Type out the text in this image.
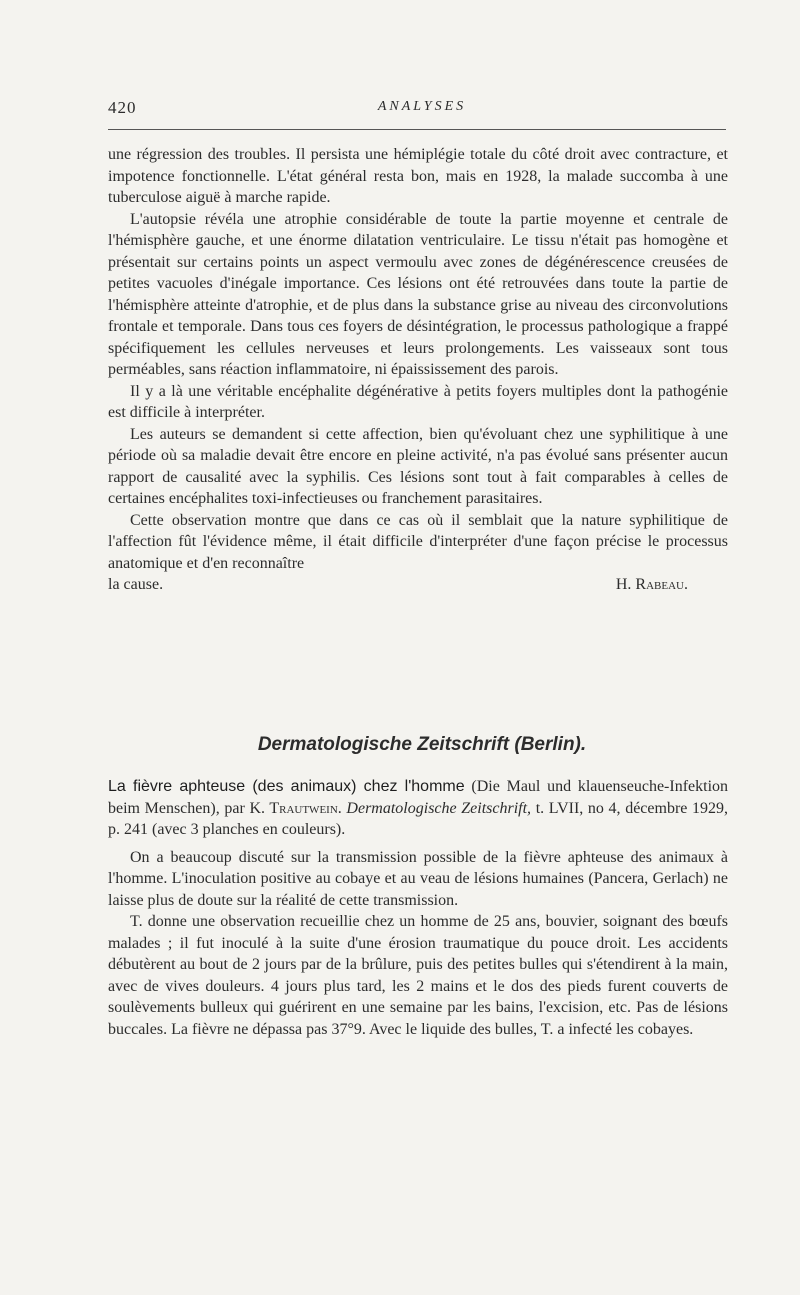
420	ANALYSES

une régression des troubles. Il persista une hémiplégie totale du côté droit avec contracture, et impotence fonctionnelle. L'état général resta bon, mais en 1928, la malade succomba à une tuberculose aiguë à marche rapide.

L'autopsie révéla une atrophie considérable de toute la partie moyenne et centrale de l'hémisphère gauche, et une énorme dilatation ventriculaire. Le tissu n'était pas homogène et présentait sur certains points un aspect vermoulu avec zones de dégénérescence creusées de petites vacuoles d'inégale importance. Ces lésions ont été retrouvées dans toute la partie de l'hémisphère atteinte d'atrophie, et de plus dans la substance grise au niveau des circonvolutions frontale et temporale. Dans tous ces foyers de désintégration, le processus pathologique a frappé spécifiquement les cellules nerveuses et leurs prolongements. Les vaisseaux sont tous perméables, sans réaction inflammatoire, ni épaississement des parois.

Il y a là une véritable encéphalite dégénérative à petits foyers multiples dont la pathogénie est difficile à interpréter.

Les auteurs se demandent si cette affection, bien qu'évoluant chez une syphilitique à une période où sa maladie devait être encore en pleine activité, n'a pas évolué sans présenter aucun rapport de causalité avec la syphilis. Ces lésions sont tout à fait comparables à celles de certaines encéphalites toxi-infectieuses ou franchement parasitaires.

Cette observation montre que dans ce cas où il semblait que la nature syphilitique de l'affection fût l'évidence même, il était difficile d'interpréter d'une façon précise le processus anatomique et d'en reconnaître

la cause.	H. Rabeau.

Dermatologische Zeitschrift (Berlin).

La fièvre aphteuse (des animaux) chez l'homme (Die Maul und klauenseuche-Infektion beim Menschen), par K. Trautwein. Dermatologische Zeitschrift, t. LVII, no 4, décembre 1929, p. 241 (avec 3 planches en couleurs).

On a beaucoup discuté sur la transmission possible de la fièvre aphteuse des animaux à l'homme. L'inoculation positive au cobaye et au veau de lésions humaines (Pancera, Gerlach) ne laisse plus de doute sur la réalité de cette transmission.

T. donne une observation recueillie chez un homme de 25 ans, bouvier, soignant des bœufs malades ; il fut inoculé à la suite d'une érosion traumatique du pouce droit. Les accidents débutèrent au bout de 2 jours par de la brûlure, puis des petites bulles qui s'étendirent à la main, avec de vives douleurs. 4 jours plus tard, les 2 mains et le dos des pieds furent couverts de soulèvements bulleux qui guérirent en une semaine par les bains, l'excision, etc. Pas de lésions buccales. La fièvre ne dépassa pas 37°9. Avec le liquide des bulles, T. a infecté les cobayes.
